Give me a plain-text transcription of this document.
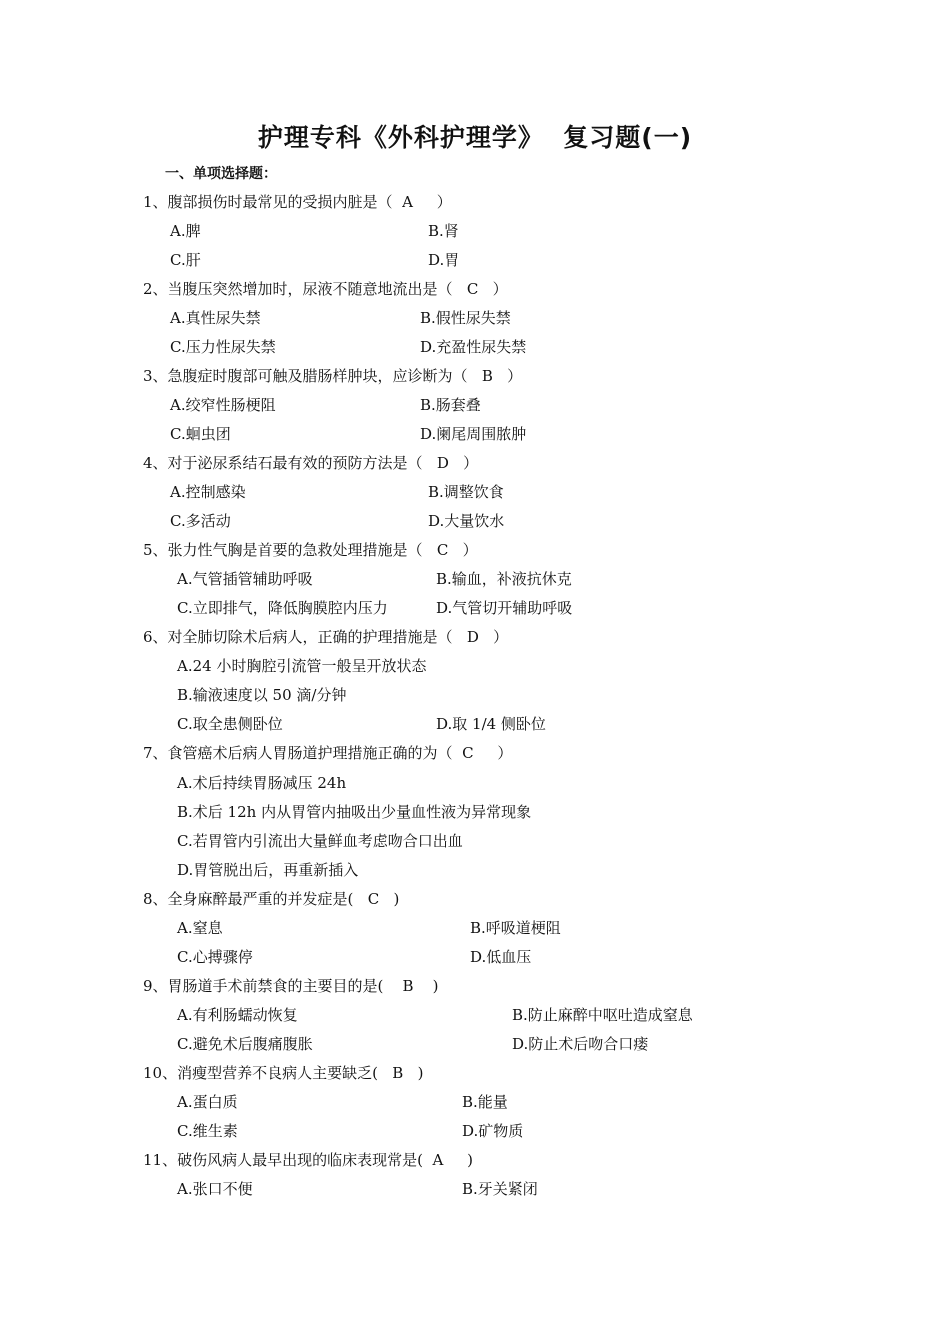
护理专科《外科护理学》  复习题(一)
一、单项选择题：
1、腹部损伤时最常见的受损内脏是（  A     ）
A.脾	B.肾
C.肝	D.胃
2、当腹压突然增加时，尿液不随意地流出是（   C   ）
A.真性尿失禁	B.假性尿失禁
C.压力性尿失禁	D.充盈性尿失禁
3、急腹症时腹部可触及腊肠样肿块，应诊断为（   B   ）
A.绞窄性肠梗阻	B.肠套叠
C.蛔虫团	D.阑尾周围脓肿
4、对于泌尿系结石最有效的预防方法是（   D   ）
A.控制感染	B.调整饮食
C.多活动	D.大量饮水
5、张力性气胸是首要的急救处理措施是（   C   ）
A.气管插管辅助呼吸	B.输血，补液抗休克
C.立即排气，降低胸膜腔内压力	D.气管切开辅助呼吸
6、对全肺切除术后病人，正确的护理措施是（   D   ）
A.24 小时胸腔引流管一般呈开放状态
B.输液速度以 50 滴/分钟
C.取全患侧卧位	D.取 1/4 侧卧位
7、食管癌术后病人胃肠道护理措施正确的为（  C     ）
A.术后持续胃肠减压 24h
B.术后 12h 内从胃管内抽吸出少量血性液为异常现象
C.若胃管内引流出大量鲜血考虑吻合口出血
D.胃管脱出后，再重新插入
8、全身麻醉最严重的并发症是(   C   )
A.窒息	B.呼吸道梗阻
C.心搏骤停	D.低血压
9、胃肠道手术前禁食的主要目的是(    B    )
A.有利肠蠕动恢复	B.防止麻醉中呕吐造成窒息
C.避免术后腹痛腹胀	D.防止术后吻合口瘘
10、消瘦型营养不良病人主要缺乏(   B   )
A.蛋白质	B.能量
C.维生素	D.矿物质
11、破伤风病人最早出现的临床表现常是(  A     )
A.张口不便	B.牙关紧闭
